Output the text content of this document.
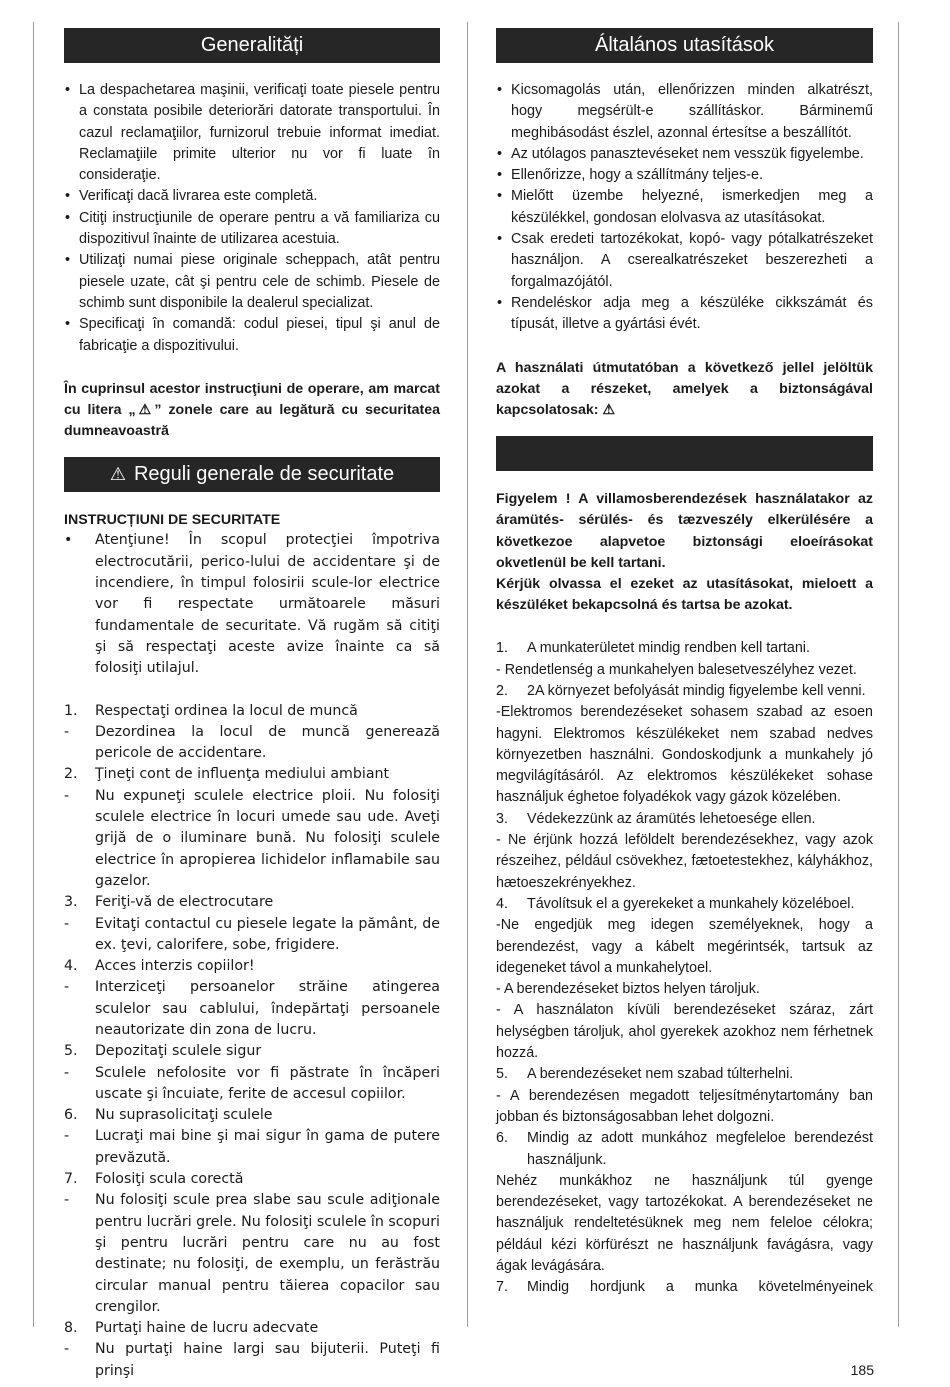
Generalități
• La despachetarea maşinii, verificaţi toate piesele pentru a constata posibile deteriorări datorate transportului. În cazul reclamaţiilor, furnizorul trebuie informat imediat. Reclamaţiile primite ulterior nu vor fi luate în consideraţie.
• Verificaţi dacă livrarea este completă.
• Citiţi instrucţiunile de operare pentru a vă familiariza cu dispozitivul înainte de utilizarea acestuia.
• Utilizaţi numai piese originale scheppach, atât pentru piesele uzate, cât şi pentru cele de schimb. Piesele de schimb sunt disponibile la dealerul specializat.
• Specificaţi în comandă: codul piesei, tipul şi anul de fabricaţie a dispozitivului.
În cuprinsul acestor instrucţiuni de operare, am marcat cu litera „⚠” zonele care au legătură cu securitatea dumneavoastră
⚠ Reguli generale de securitate
INSTRUCȚIUNI DE SECURITATE
•	Atenţiune! În scopul protecţiei împotriva electrocutării, perico-lului de accidentare şi de incendiere, în timpul folosirii scule-lor electrice vor fi respectate următoarele măsuri fundamentale de securitate. Vă rugăm să citiţi şi să respectaţi aceste avize înainte ca să folosiţi utilajul.
1.	Respectaţi ordinea la locul de muncă
-	Dezordinea la locul de muncă generează pericole de accidentare.
2.	Ţineţi cont de influenţa mediului ambiant
-	Nu expuneţi sculele electrice ploii. Nu folosiţi sculele electrice în locuri umede sau ude. Aveţi grijă de o iluminare bună. Nu folosiţi sculele electrice în apropierea lichidelor inflamabile sau gazelor.
3.	Feriţi-vă de electrocutare
-	Evitaţi contactul cu piesele legate la pământ, de ex. ţevi, calorifere, sobe, frigidere.
4.	Acces interzis copiilor!
-	Interziceţi persoanelor străine atingerea sculelor sau cablului, îndepărtaţi persoanele neautorizate din zona de lucru.
5.	Depozitaţi sculele sigur
-	Sculele nefolosite vor fi păstrate în încăperi uscate şi încuiate, ferite de accesul copiilor.
6.	Nu suprasolicitaţi sculele
-	Lucraţi mai bine şi mai sigur în gama de putere prevăzută.
7.	Folosiţi scula corectă
-	Nu folosiţi scule prea slabe sau scule adiţionale pentru lucrări grele. Nu folosiţi sculele în scopuri şi pentru lucrări pentru care nu au fost destinate; nu folosiţi, de exemplu, un ferăstrău circular manual pentru tăierea copacilor sau crengilor.
8.	Purtaţi haine de lucru adecvate
-	Nu purtaţi haine largi sau bijuterii. Puteţi fi prinşi
Általános utasítások
• Kicsomagolás után, ellenőrizzen minden alkatrészt, hogy megsérült-e szállításkor. Bárminemű meghibásodást észlel, azonnal értesítse a beszállítót.
• Az utólagos panasztevéseket nem vesszük figyelembe.
• Ellenőrizze, hogy a szállítmány teljes-e.
• Mielőtt üzembe helyezné, ismerkedjen meg a készülékkel, gondosan elolvasva az utasításokat.
• Csak eredeti tartozékokat, kopó- vagy pótalkatrészeket használjon. A cserealkatrészeket beszerezheti a forgalmazójától.
• Rendeléskor adja meg a készüléke cikkszámát és típusát, illetve a gyártási évét.
A használati útmutatóban a következő jellel jelöltük azokat a részeket, amelyek a biztonságával kapcsolatosak: ⚠
Figyelem ! A villamosberendezések használatakor az áramütés- sérülés- és tæzveszély elkerülésére a következoe alapvetoe biztonsági eloeírásokat okvetlenül be kell tartani.
Kérjük olvassa el ezeket az utasításokat, mieloett a készüléket bekapcsolná és tartsa be azokat.
1.	A munkaterületet mindig rendben kell tartani.
- Rendetlenség a munkahelyen balesetveszélyhez vezet.
2.	2A környezet befolyását mindig figyelembe kell venni.
-Elektromos berendezéseket sohasem szabad az esoen hagyni. Elektromos készülékeket nem szabad nedves környezetben használni. Gondoskodjunk a munkahely jó megvilágításáról. Az elektromos készülékeket sohase használjuk éghetoe folyadékok vagy gázok közelében.
3.	Védekezzünk az áramütés lehetoesége ellen.
- Ne érjünk hozzá leföldelt berendezésekhez, vagy azok részeihez, például csövekhez, fætoetestekhez, kályhákhoz, hætoeszekrényekhez.
4.	Távolítsuk el a gyerekeket a munkahely közeléboel.
-Ne engedjük meg idegen személyeknek, hogy a berendezést, vagy a kábelt megérintsék, tartsuk az idegeneket távol a munkahelytoel.
- A berendezéseket biztos helyen tároljuk.
- A használaton kívüli berendezéseket száraz, zárt helységben tároljuk, ahol gyerekek azokhoz nem férhetnek hozzá.
5.	A berendezéseket nem szabad túlterhelni.
- A berendezésen megadott teljesítménytartomány ban jobban és biztonságosabban lehet dolgozni.
6.	Mindig az adott munkához megfeleloe berendezést használjunk.
Nehéz munkákhoz ne használjunk túl gyenge berendezéseket, vagy tartozékokat. A berendezéseket ne használjuk rendeltetésüknek meg nem feleloe célokra; például kézi körfürészt ne használjunk favágásra, vagy ágak levágására.
7.	Mindig hordjunk a munka követelményeinek
185
